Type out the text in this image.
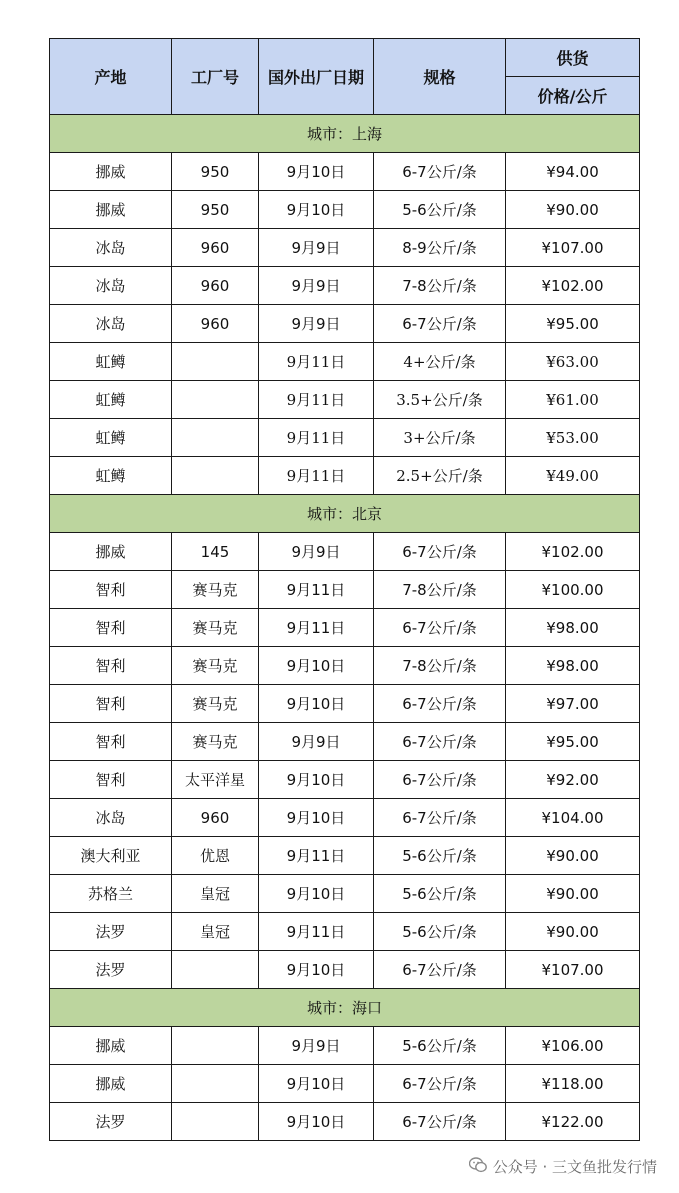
产地	工厂号	国外出厂日期	规格	供货
				价格/公斤
城市：上海				
挪威	950	9月10日	6-7公斤/条	¥94.00
挪威	950	9月10日	5-6公斤/条	¥90.00
冰岛	960	9月9日	8-9公斤/条	¥107.00
冰岛	960	9月9日	7-8公斤/条	¥102.00
冰岛	960	9月9日	6-7公斤/条	¥95.00
虹鳟		9月11日	4+公斤/条	¥63.00
虹鳟		9月11日	3.5+公斤/条	¥61.00
虹鳟		9月11日	3+公斤/条	¥53.00
虹鳟		9月11日	2.5+公斤/条	¥49.00
城市：北京				
挪威	145	9月9日	6-7公斤/条	¥102.00
智利	赛马克	9月11日	7-8公斤/条	¥100.00
智利	赛马克	9月11日	6-7公斤/条	¥98.00
智利	赛马克	9月10日	7-8公斤/条	¥98.00
智利	赛马克	9月10日	6-7公斤/条	¥97.00
智利	赛马克	9月9日	6-7公斤/条	¥95.00
智利	太平洋星	9月10日	6-7公斤/条	¥92.00
冰岛	960	9月10日	6-7公斤/条	¥104.00
澳大利亚	优恩	9月11日	5-6公斤/条	¥90.00
苏格兰	皇冠	9月10日	5-6公斤/条	¥90.00
法罗	皇冠	9月11日	5-6公斤/条	¥90.00
法罗		9月10日	6-7公斤/条	¥107.00
城市：海口				
挪威		9月9日	5-6公斤/条	¥106.00
挪威		9月10日	6-7公斤/条	¥118.00
法罗		9月10日	6-7公斤/条	¥122.00
公众号 · 三文鱼批发行情
